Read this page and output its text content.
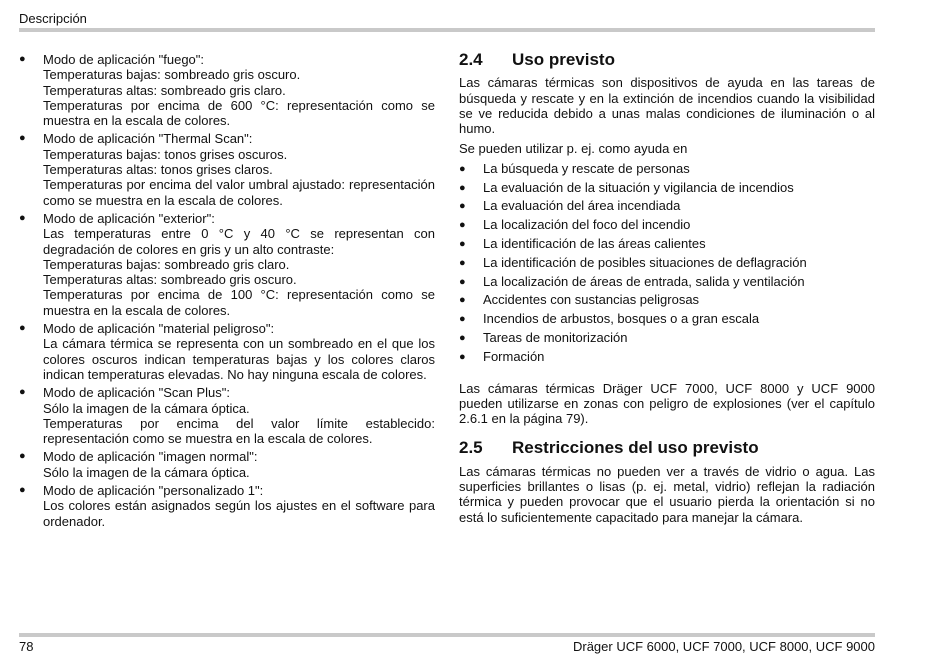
Descripción
● Modo de aplicación "fuego":
Temperaturas bajas: sombreado gris oscuro.
Temperaturas altas: sombreado gris claro.
Temperaturas por encima de 600 °C: representación como se muestra en la escala de colores.
● Modo de aplicación "Thermal Scan":
Temperaturas bajas: tonos grises oscuros.
Temperaturas altas: tonos grises claros.
Temperaturas por encima del valor umbral ajustado: representación como se muestra en la escala de colores.
● Modo de aplicación "exterior":
Las temperaturas entre 0 °C y 40 °C se representan con degradación de colores en gris y un alto contraste:
Temperaturas bajas: sombreado gris claro.
Temperaturas altas: sombreado gris oscuro.
Temperaturas por encima de 100 °C: representación como se muestra en la escala de colores.
● Modo de aplicación "material peligroso":
La cámara térmica se representa con un sombreado en el que los colores oscuros indican temperaturas bajas y los colores claros indican temperaturas elevadas. No hay ninguna escala de colores.
● Modo de aplicación "Scan Plus":
Sólo la imagen de la cámara óptica.
Temperaturas por encima del valor límite establecido: representación como se muestra en la escala de colores.
● Modo de aplicación "imagen normal":
Sólo la imagen de la cámara óptica.
● Modo de aplicación "personalizado 1":
Los colores están asignados según los ajustes en el software para ordenador.
2.4	Uso previsto

Las cámaras térmicas son dispositivos de ayuda en las tareas de búsqueda y rescate y en la extinción de incendios cuando la visibilidad se ve reducida debido a unas malas condiciones de iluminación o al humo.

Se pueden utilizar p. ej. como ayuda en

● La búsqueda y rescate de personas
● La evaluación de la situación y vigilancia de incendios
● La evaluación del área incendiada
● La localización del foco del incendio
● La identificación de las áreas calientes
● La identificación de posibles situaciones de deflagración
● La localización de áreas de entrada, salida y ventilación
● Accidentes con sustancias peligrosas
● Incendios de arbustos, bosques o a gran escala
● Tareas de monitorización
● Formación

Las cámaras térmicas Dräger UCF 7000, UCF 8000 y UCF 9000 pueden utilizarse en zonas con peligro de explosiones (ver el capítulo 2.6.1 en la página 79).

2.5	Restricciones del uso previsto

Las cámaras térmicas no pueden ver a través de vidrio o agua. Las superficies brillantes o lisas (p. ej. metal, vidrio) reflejan la radiación térmica y pueden provocar que el usuario pierda la orientación si no está lo suficientemente capacitado para manejar la cámara.

78	Dräger UCF 6000, UCF 7000, UCF 8000, UCF 9000
